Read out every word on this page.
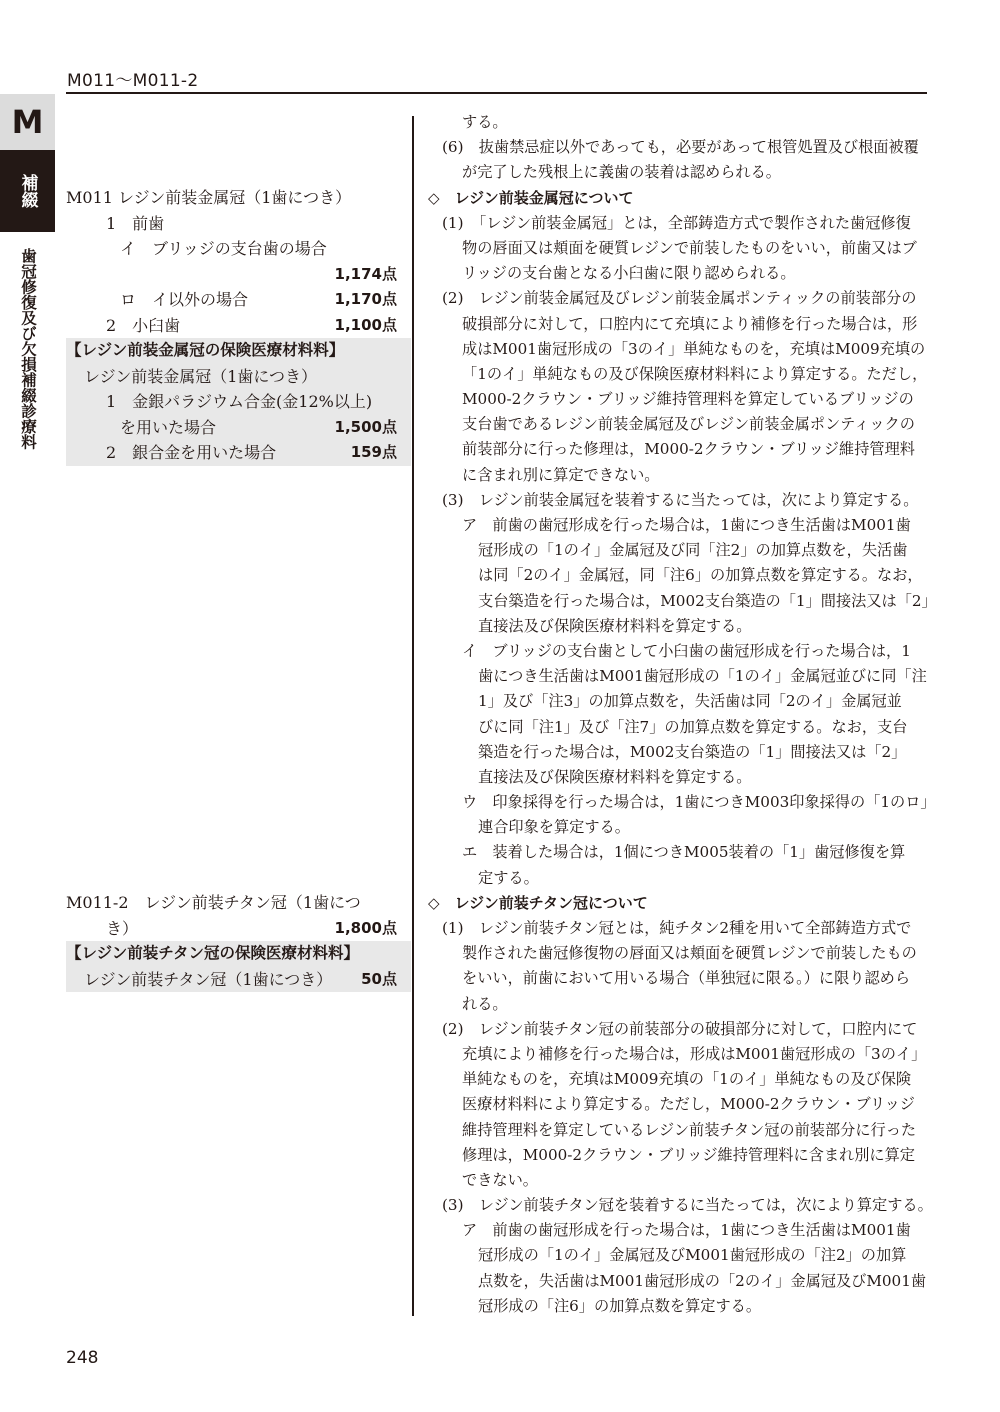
M011〜M011-2
M
補綴
歯冠修復及び欠損補綴診療料
M011 レジン前装金属冠（1歯につき）
1　前歯
イ　ブリッジの支台歯の場合
1,174点
ロ　イ以外の場合	1,170点
2　小臼歯	1,100点
【レジン前装金属冠の保険医療材料料】
レジン前装金属冠（1歯につき）
1　金銀パラジウム合金(金12%以上)
を用いた場合	1,500点
2　銀合金を用いた場合	159点
M011-2　レジン前装チタン冠（1歯につ
き）	1,800点
【レジン前装チタン冠の保険医療材料料】
レジン前装チタン冠（1歯につき） 50点
する。
(6)　抜歯禁忌症以外であっても，必要があって根管処置及び根面被覆
が完了した残根上に義歯の装着は認められる。
◇　レジン前装金属冠について
(1)　「レジン前装金属冠」とは，全部鋳造方式で製作された歯冠修復
物の唇面又は頬面を硬質レジンで前装したものをいい，前歯又はブ
リッジの支台歯となる小臼歯に限り認められる。
(2)　レジン前装金属冠及びレジン前装金属ポンティックの前装部分の
破損部分に対して，口腔内にて充填により補修を行った場合は，形
成はM001歯冠形成の「3のイ」単純なものを，充填はM009充填の
「1のイ」単純なもの及び保険医療材料料により算定する。ただし，
M000-2クラウン・ブリッジ維持管理料を算定しているブリッジの
支台歯であるレジン前装金属冠及びレジン前装金属ポンティックの
前装部分に行った修理は，M000-2クラウン・ブリッジ維持管理料
に含まれ別に算定できない。
(3)　レジン前装金属冠を装着するに当たっては，次により算定する。
ア　前歯の歯冠形成を行った場合は，1歯につき生活歯はM001歯
冠形成の「1のイ」金属冠及び同「注2」の加算点数を，失活歯
は同「2のイ」金属冠，同「注6」の加算点数を算定する。なお，
支台築造を行った場合は，M002支台築造の「1」間接法又は「2」
直接法及び保険医療材料料を算定する。
イ　ブリッジの支台歯として小臼歯の歯冠形成を行った場合は，1
歯につき生活歯はM001歯冠形成の「1のイ」金属冠並びに同「注
1」及び「注3」の加算点数を，失活歯は同「2のイ」金属冠並
びに同「注1」及び「注7」の加算点数を算定する。なお，支台
築造を行った場合は，M002支台築造の「1」間接法又は「2」
直接法及び保険医療材料料を算定する。
ウ　印象採得を行った場合は，1歯につきM003印象採得の「1のロ」
連合印象を算定する。
エ　装着した場合は，1個につきM005装着の「1」歯冠修復を算
定する。
◇　レジン前装チタン冠について
(1)　レジン前装チタン冠とは，純チタン2種を用いて全部鋳造方式で
製作された歯冠修復物の唇面又は頬面を硬質レジンで前装したもの
をいい，前歯において用いる場合（単独冠に限る。）に限り認めら
れる。
(2)　レジン前装チタン冠の前装部分の破損部分に対して，口腔内にて
充填により補修を行った場合は，形成はM001歯冠形成の「3のイ」
単純なものを，充填はM009充填の「1のイ」単純なもの及び保険
医療材料料により算定する。ただし，M000-2クラウン・ブリッジ
維持管理料を算定しているレジン前装チタン冠の前装部分に行った
修理は，M000-2クラウン・ブリッジ維持管理料に含まれ別に算定
できない。
(3)　レジン前装チタン冠を装着するに当たっては，次により算定する。
ア　前歯の歯冠形成を行った場合は，1歯につき生活歯はM001歯
冠形成の「1のイ」金属冠及びM001歯冠形成の「注2」の加算
点数を，失活歯はM001歯冠形成の「2のイ」金属冠及びM001歯
冠形成の「注6」の加算点数を算定する。
248
